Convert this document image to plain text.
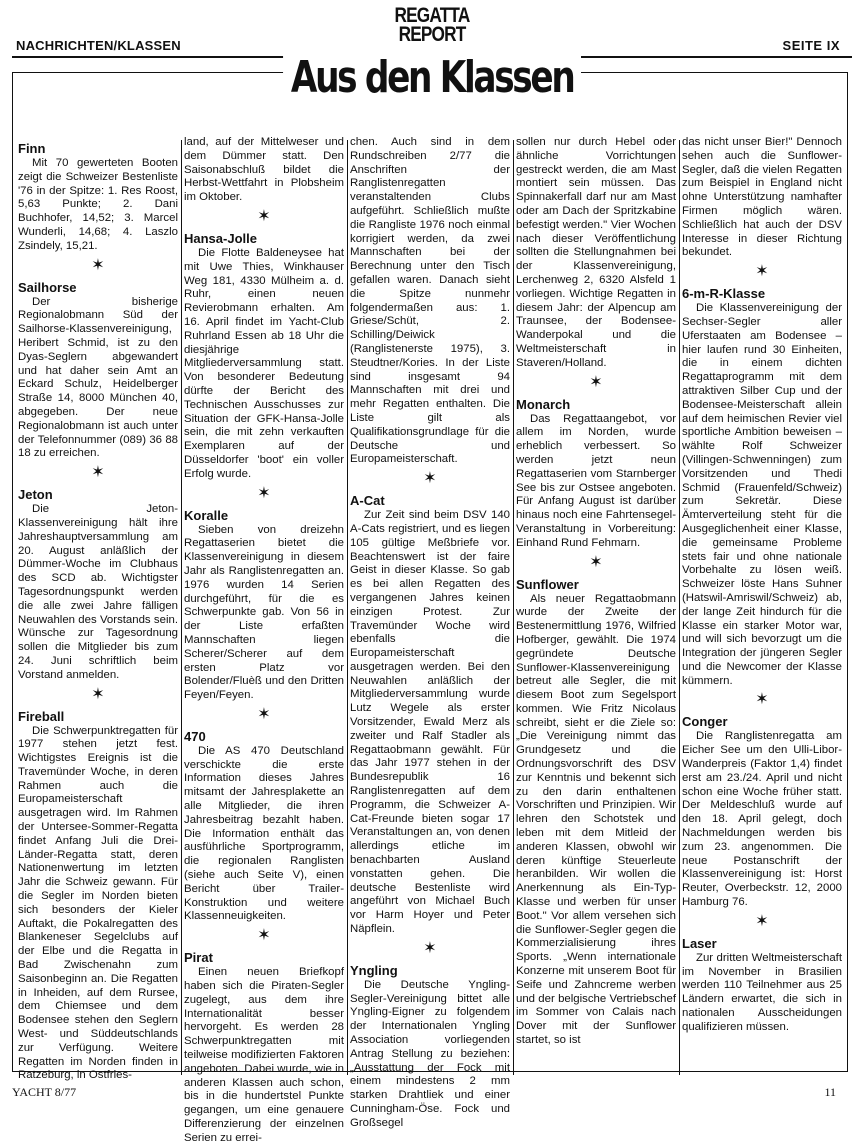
NACHRICHTEN/KLASSEN
REGATTA
REPORT	SEITE IX
Aus den Klassen
Finn

Mit 70 gewerteten Booten zeigt die Schweizer Bestenliste '76 in der Spitze: 1. Res Roost, 5,63 Punkte; 2. Dani Buchhofer, 14,52; 3. Marcel Wunderli, 14,68; 4. Laszlo Zsindely, 15,21.

✶
Sailhorse

Der bisherige Regionalobmann Süd der Sailhorse-Klassenvereinigung, Heribert Schmid, ist zu den Dyas-Seglern abgewandert und hat daher sein Amt an Eckard Schulz, Heidelberger Straße 14, 8000 München 40, abgegeben. Der neue Regionalobmann ist auch unter der Telefonnummer (089) 36 88 18 zu erreichen.

✶
Jeton

Die Jeton-Klassenvereinigung hält ihre Jahreshauptversammlung am 20. August anläßlich der Dümmer-Woche im Clubhaus des SCD ab. Wichtigster Tagesordnungspunkt werden die alle zwei Jahre fälligen Neuwahlen des Vorstands sein. Wünsche zur Tagesordnung sollen die Mitglieder bis zum 24. Juni schriftlich beim Vorstand anmelden.

✶
Fireball

Die Schwerpunktregatten für 1977 stehen jetzt fest. Wichtigstes Ereignis ist die Travemünder Woche, in deren Rahmen auch die Europameisterschaft ausgetragen wird. Im Rahmen der Untersee-Sommer-Regatta findet Anfang Juli die Drei-Länder-Regatta statt, deren Nationenwertung im letzten Jahr die Schweiz gewann. Für die Segler im Norden bieten sich besonders der Kieler Auftakt, die Pokalregatten des Blankeneser Segelclubs auf der Elbe und die Regatta in Bad Zwischenahn zum Saisonbeginn an. Die Regatten in Inheiden, auf dem Rursee, dem Chiemsee und dem Bodensee stehen den Seglern West- und Süddeutschlands zur Verfügung. Weitere Regatten im Norden finden in Ratzeburg, in Ostfries-

land, auf der Mittelweser und dem Dümmer statt. Den Saisonabschluß bildet die Herbst-Wettfahrt in Plobsheim im Oktober.

✶
Hansa-Jolle

Die Flotte Baldeneysee hat mit Uwe Thies, Winkhauser Weg 181, 4330 Mülheim a. d. Ruhr, einen neuen Revierobmann erhalten. Am 16. April findet im Yacht-Club Ruhrland Essen ab 18 Uhr die diesjährige Mitgliederversammlung statt. Von besonderer Bedeutung dürfte der Bericht des Technischen Ausschusses zur Situation der GFK-Hansa-Jolle sein, die mit zehn verkauften Exemplaren auf der Düsseldorfer 'boot' ein voller Erfolg wurde.

✶
Koralle

Sieben von dreizehn Regattaserien bietet die Klassenvereinigung in diesem Jahr als Ranglistenregatten an. 1976 wurden 14 Serien durchgeführt, für die es Schwerpunkte gab. Von 56 in der Liste erfaßten Mannschaften liegen Scherer/Scherer auf dem ersten Platz vor Bolender/Fluèß und den Dritten Feyen/Feyen.

✶
470

Die AS 470 Deutschland verschickte die erste Information dieses Jahres mitsamt der Jahresplakette an alle Mitglieder, die ihren Jahresbeitrag bezahlt haben. Die Information enthält das ausführliche Sportprogramm, die regionalen Ranglisten (siehe auch Seite V), einen Bericht über Trailer-Konstruktion und weitere Klassenneuigkeiten.

✶
Pirat

Einen neuen Briefkopf haben sich die Piraten-Segler zugelegt, aus dem ihre Internationalität besser hervorgeht. Es werden 28 Schwerpunktregatten mit teilweise modifizierten Faktoren angeboten. Dabei wurde, wie in anderen Klassen auch schon, bis in die hundertstel Punkte gegangen, um eine genauere Differenzierung der einzelnen Serien zu errei-

chen. Auch sind in dem Rundschreiben 2/77 die Anschriften der Ranglistenregatten veranstaltenden Clubs aufgeführt. Schließlich mußte die Rangliste 1976 noch einmal korrigiert werden, da zwei Mannschaften bei der Berechnung unter den Tisch gefallen waren. Danach sieht die Spitze nunmehr folgendermaßen aus: 1. Griese/Schüt, 2. Schilling/Deiwick (Ranglistenerste 1975), 3. Steudtner/Kories. In der Liste sind insgesamt 94 Mannschaften mit drei und mehr Regatten enthalten. Die Liste gilt als Qualifikationsgrundlage für die Deutsche und Europameisterschaft.

✶
A-Cat

Zur Zeit sind beim DSV 140 A-Cats registriert, und es liegen 105 gültige Meßbriefe vor. Beachtenswert ist der faire Geist in dieser Klasse. So gab es bei allen Regatten des vergangenen Jahres keinen einzigen Protest. Zur Travemünder Woche wird ebenfalls die Europameisterschaft ausgetragen werden. Bei den Neuwahlen anläßlich der Mitgliederversammlung wurde Lutz Wegele als erster Vorsitzender, Ewald Merz als zweiter und Ralf Stadler als Regattaobmann gewählt. Für das Jahr 1977 stehen in der Bundesrepublik 16 Ranglistenregatten auf dem Programm, die Schweizer A-Cat-Freunde bieten sogar 17 Veranstaltungen an, von denen allerdings etliche im benachbarten Ausland vonstatten gehen. Die deutsche Bestenliste wird angeführt von Michael Buch vor Harm Hoyer und Peter Näpflein.

✶
Yngling

Die Deutsche Yngling-Segler-Vereinigung bittet alle Yngling-Eigner zu folgendem der Internationalen Yngling Association vorliegenden Antrag Stellung zu beziehen: „Ausstattung der Fock mit einem mindestens 2 mm starken Drahtliek und einer Cunningham-Öse. Fock und Großsegel

sollen nur durch Hebel oder ähnliche Vorrichtungen gestreckt werden, die am Mast montiert sein müssen. Das Spinnakerfall darf nur am Mast oder am Dach der Spritzkabine befestigt werden." Vier Wochen nach dieser Veröffentlichung sollten die Stellungnahmen bei der Klassenvereinigung, Lerchenweg 2, 6320 Alsfeld 1 vorliegen. Wichtige Regatten in diesem Jahr: der Alpencup am Traunsee, der Bodensee-Wanderpokal und die Weltmeisterschaft in Staveren/Holland.

✶
Monarch

Das Regattaangebot, vor allem im Norden, wurde erheblich verbessert. So werden jetzt neun Regattaserien vom Starnberger See bis zur Ostsee angeboten. Für Anfang August ist darüber hinaus noch eine Fahrtensegel-Veranstaltung in Vorbereitung: Einhand Rund Fehmarn.

✶
Sunflower

Als neuer Regattaobmann wurde der Zweite der Bestenermittlung 1976, Wilfried Hofberger, gewählt. Die 1974 gegründete Deutsche Sunflower-Klassenvereinigung betreut alle Segler, die mit diesem Boot zum Segelsport kommen. Wie Fritz Nicolaus schreibt, sieht er die Ziele so: „Die Vereinigung nimmt das Grundgesetz und die Ordnungsvorschrift des DSV zur Kenntnis und bekennt sich zu den darin enthaltenen Vorschriften und Prinzipien. Wir lehren den Schotstek und leben mit dem Mitleid der anderen Klassen, obwohl wir deren künftige Steuerleute heranbilden. Wir wollen die Anerkennung als Ein-Typ-Klasse und werben für unser Boot." Vor allem versehen sich die Sunflower-Segler gegen die Kommerzialisierung ihres Sports. „Wenn internationale Konzerne mit unserem Boot für Seife und Zahncreme werben und der belgische Vertriebschef im Sommer von Calais nach Dover mit der Sunflower startet, so ist

das nicht unser Bier!" Dennoch sehen auch die Sunflower-Segler, daß die vielen Regatten zum Beispiel in England nicht ohne Unterstützung namhafter Firmen möglich wären. Schließlich hat auch der DSV Interesse in dieser Richtung bekundet.

✶
6-m-R-Klasse

Die Klassenvereinigung der Sechser-Segler aller Uferstaaten am Bodensee – hier laufen rund 30 Einheiten, die in einem dichten Regattaprogramm mit dem attraktiven Silber Cup und der Bodensee-Meisterschaft allein auf dem heimischen Revier viel sportliche Ambition beweisen – wählte Rolf Schweizer (Villingen-Schwenningen) zum Vorsitzenden und Thedi Schmid (Frauenfeld/Schweiz) zum Sekretär. Diese Ämterverteilung steht für die Ausgeglichenheit einer Klasse, die gemeinsame Probleme stets fair und ohne nationale Vorbehalte zu lösen weiß. Schweizer löste Hans Suhner (Hatswil-Amriswil/Schweiz) ab, der lange Zeit hindurch für die Klasse ein starker Motor war, und will sich bevorzugt um die Integration der jüngeren Segler und die Newcomer der Klasse kümmern.

✶
Conger

Die Ranglistenregatta am Eicher See um den Ulli-Libor-Wanderpreis (Faktor 1,4) findet erst am 23./24. April und nicht schon eine Woche früher statt. Der Meldeschluß wurde auf den 18. April gelegt, doch Nachmeldungen werden bis zum 23. angenommen. Die neue Postanschrift der Klassenvereinigung ist: Horst Reuter, Overbeckstr. 12, 2000 Hamburg 76.

✶
Laser

Zur dritten Weltmeisterschaft im November in Brasilien werden 110 Teilnehmer aus 25 Ländern erwartet, die sich in nationalen Ausscheidungen qualifizieren müssen.

YACHT 8/77	11
